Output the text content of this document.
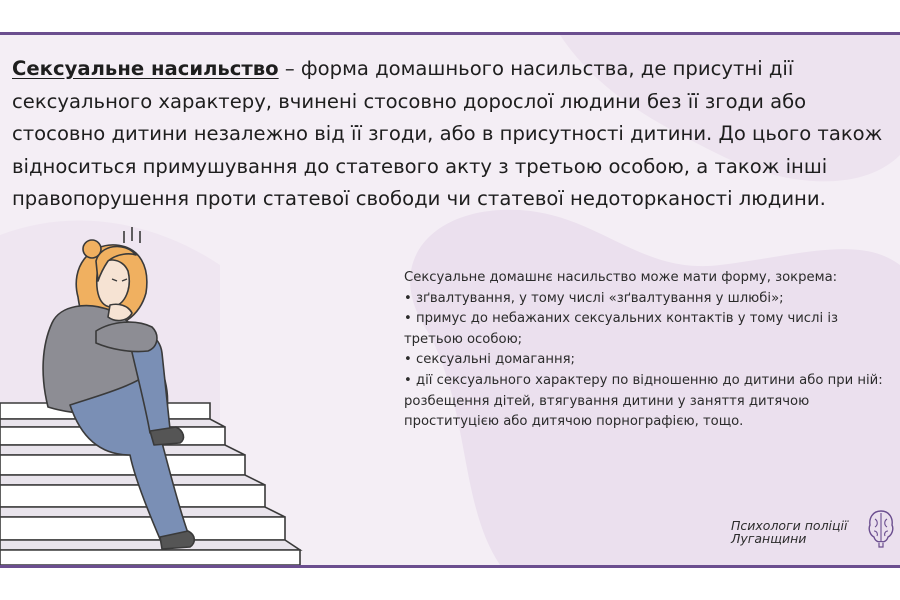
Сексуальне насильство – форма домашнього насильства, де присутні дії сексуального характеру, вчинені стосовно дорослої людини без її згоди або стосовно дитини незалежно від її згоди, або в присутності дитини. До цього також відноситься примушування до статевого акту з третьою особою, а також інші правопорушення проти статевої свободи чи статевої недоторканості людини.

Сексуальне домашнє насильство може мати форму, зокрема:

• зґвалтування, у тому числі «зґвалтування у шлюбі»;
• примус до небажаних сексуальних контактів у тому числі із третьою особою;
• сексуальні домагання;
• дії сексуального характеру по відношенню до дитини або при ній: розбещення дітей, втягування дитини у заняття дитячою проституцією або дитячою порнографією, тощо.
Психологи поліції
Луганщини
